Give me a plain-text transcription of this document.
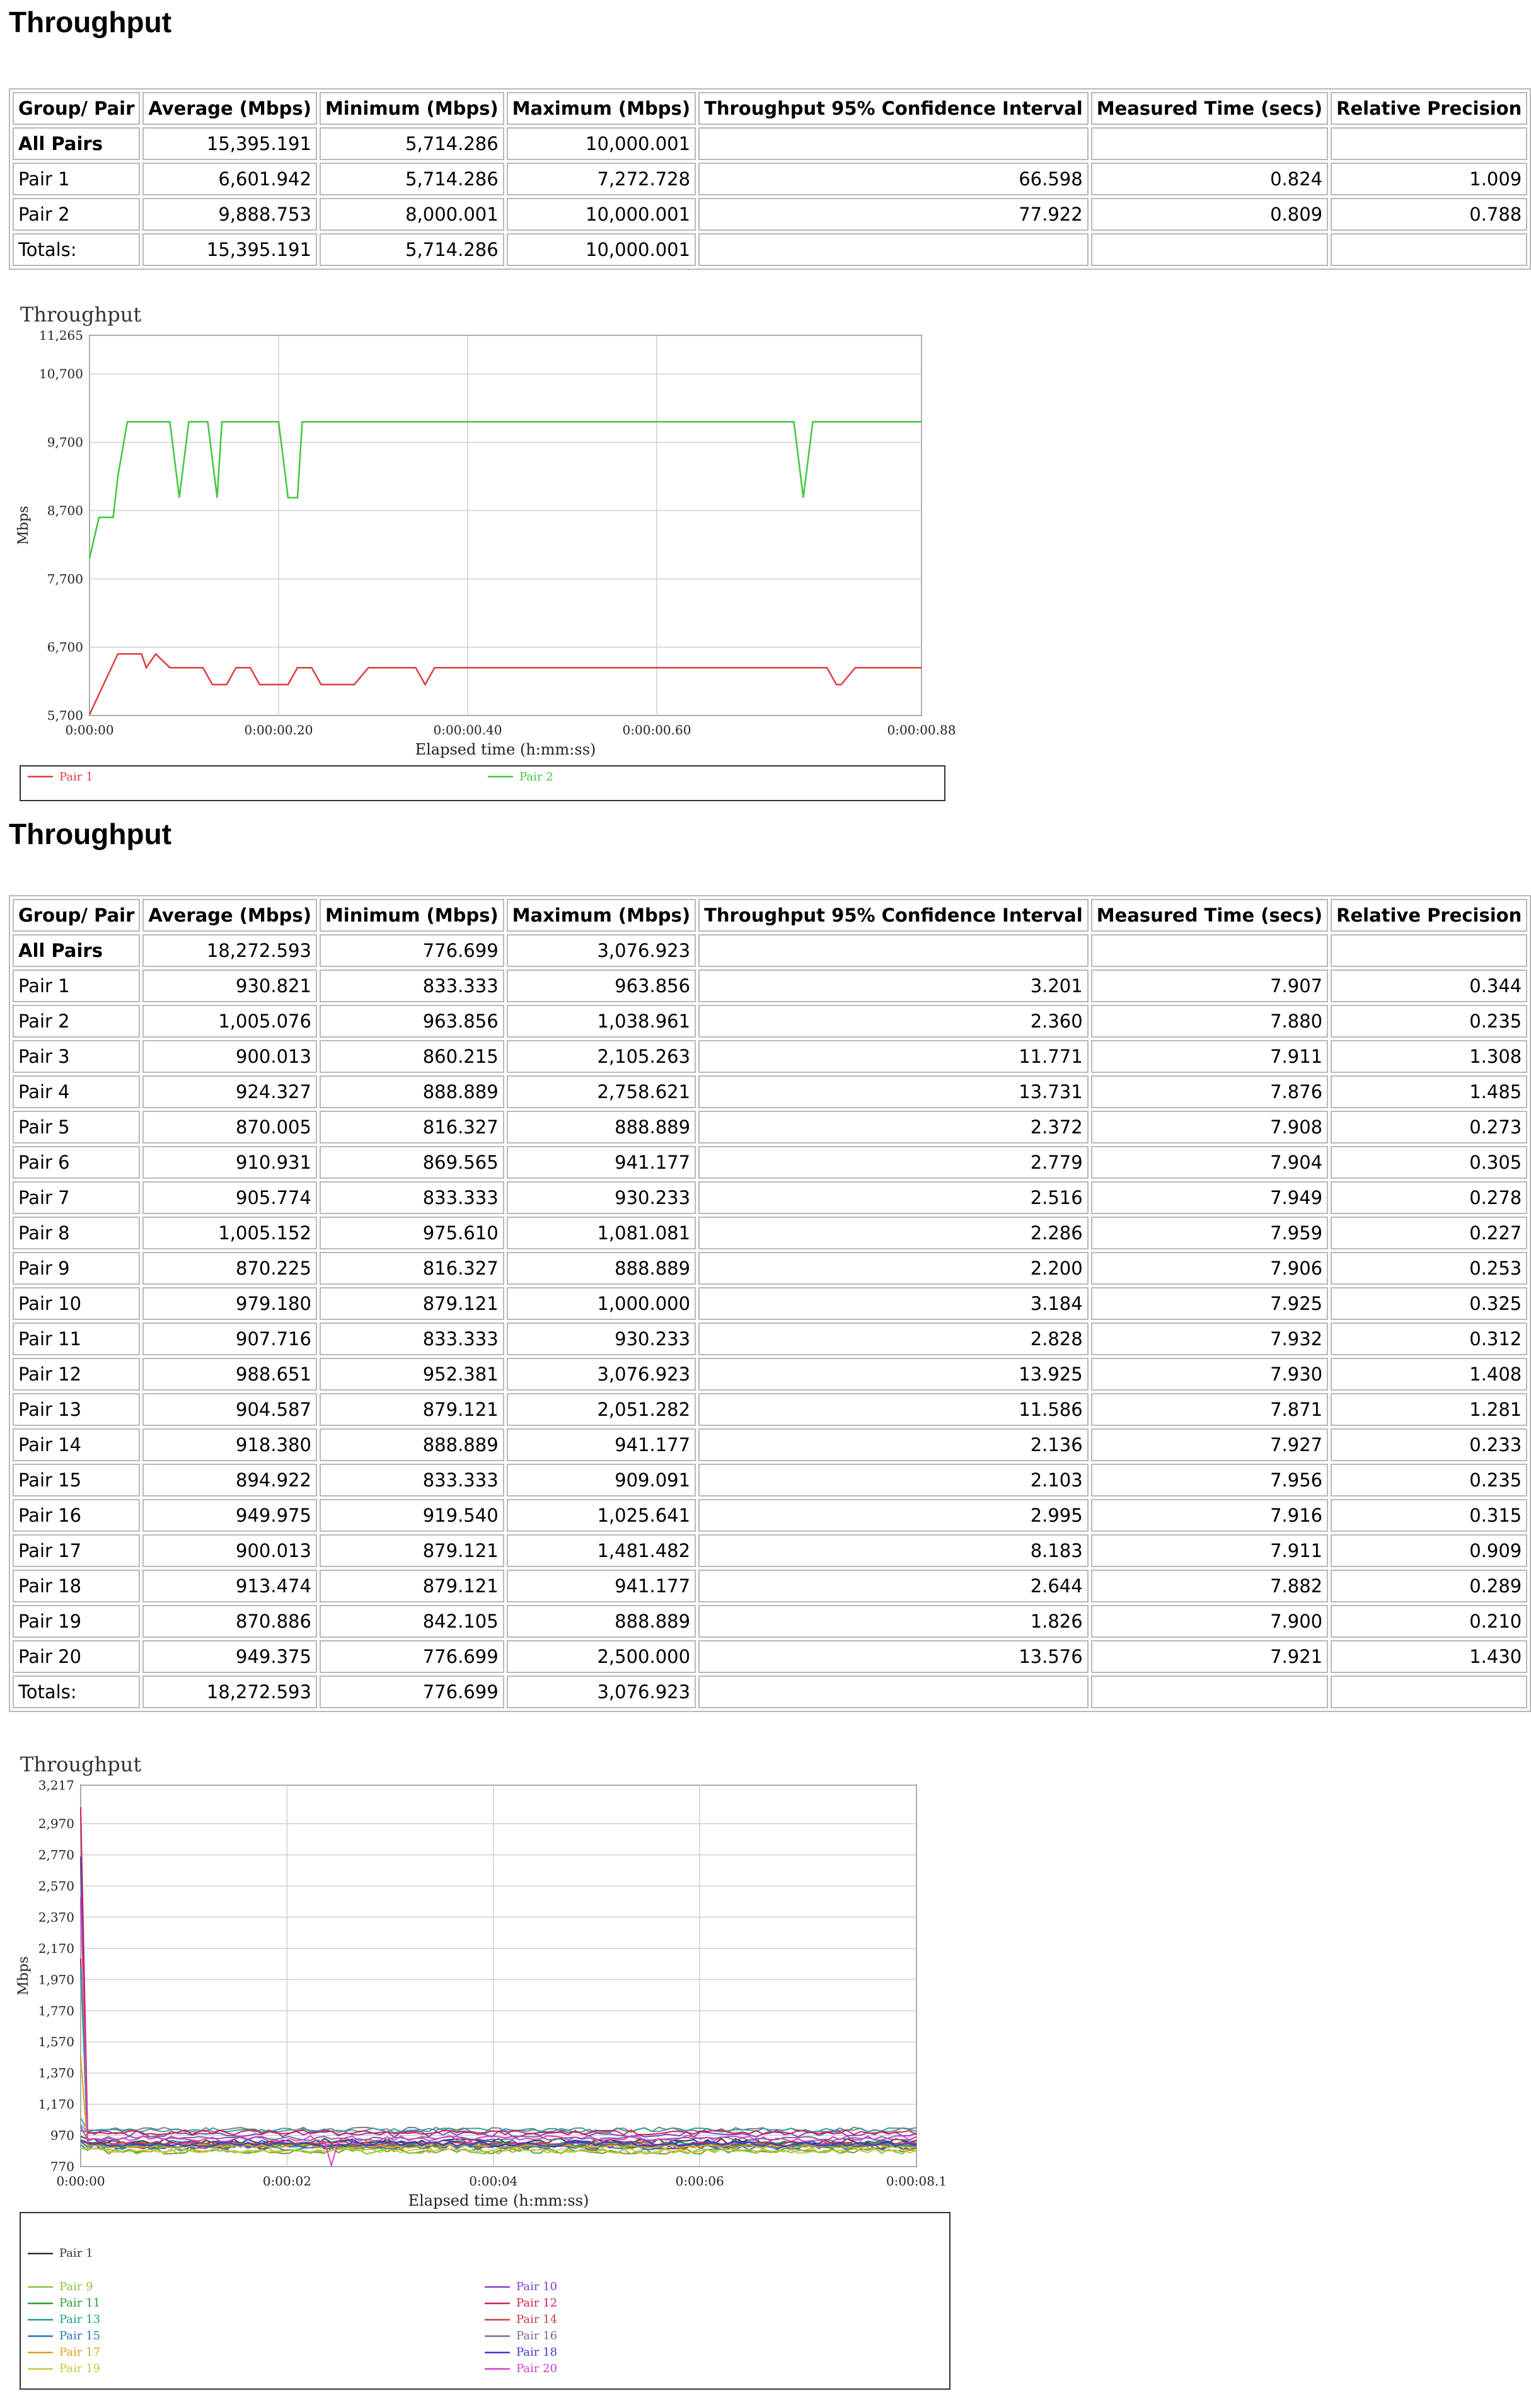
Throughput
Group/ Pair	Average (Mbps)	Minimum (Mbps)	Maximum (Mbps)	Throughput 95% Confidence Interval	Measured Time (secs)	Relative Precision
All Pairs	15,395.191	5,714.286	10,000.001			
Pair 1	6,601.942	5,714.286	7,272.728	66.598	0.824	1.009
Pair 2	9,888.753	8,000.001	10,000.001	77.922	0.809	0.788
Totals:	15,395.191	5,714.286	10,000.001			
Throughput
5,700
6,700
7,700
8,700
9,700
10,700
11,265
0:00:00	0:00:00.20	0:00:00.40	0:00:00.60	0:00:00.88
Elapsed time (h:mm:ss)
Mbps
Pair 1	Pair 2
Throughput
Group/ Pair	Average (Mbps)	Minimum (Mbps)	Maximum (Mbps)	Throughput 95% Confidence Interval	Measured Time (secs)	Relative Precision
All Pairs	18,272.593	776.699	3,076.923			
Pair 1	930.821	833.333	963.856	3.201	7.907	0.344
Pair 2	1,005.076	963.856	1,038.961	2.360	7.880	0.235
Pair 3	900.013	860.215	2,105.263	11.771	7.911	1.308
Pair 4	924.327	888.889	2,758.621	13.731	7.876	1.485
Pair 5	870.005	816.327	888.889	2.372	7.908	0.273
Pair 6	910.931	869.565	941.177	2.779	7.904	0.305
Pair 7	905.774	833.333	930.233	2.516	7.949	0.278
Pair 8	1,005.152	975.610	1,081.081	2.286	7.959	0.227
Pair 9	870.225	816.327	888.889	2.200	7.906	0.253
Pair 10	979.180	879.121	1,000.000	3.184	7.925	0.325
Pair 11	907.716	833.333	930.233	2.828	7.932	0.312
Pair 12	988.651	952.381	3,076.923	13.925	7.930	1.408
Pair 13	904.587	879.121	2,051.282	11.586	7.871	1.281
Pair 14	918.380	888.889	941.177	2.136	7.927	0.233
Pair 15	894.922	833.333	909.091	2.103	7.956	0.235
Pair 16	949.975	919.540	1,025.641	2.995	7.916	0.315
Pair 17	900.013	879.121	1,481.482	8.183	7.911	0.909
Pair 18	913.474	879.121	941.177	2.644	7.882	0.289
Pair 19	870.886	842.105	888.889	1.826	7.900	0.210
Pair 20	949.375	776.699	2,500.000	13.576	7.921	1.430
Totals:	18,272.593	776.699	3,076.923			
Throughput
770
970
1,170
1,370
1,570
1,770
1,970
2,170
2,370
2,570
2,770
2,970
3,217
0:00:00	0:00:02	0:00:04	0:00:06	0:00:08.1
Elapsed time (h:mm:ss)
Mbps
Pair 1
Pair 9
Pair 11
Pair 13
Pair 15
Pair 17
Pair 19
Pair 10
Pair 12
Pair 14
Pair 16
Pair 18
Pair 20
